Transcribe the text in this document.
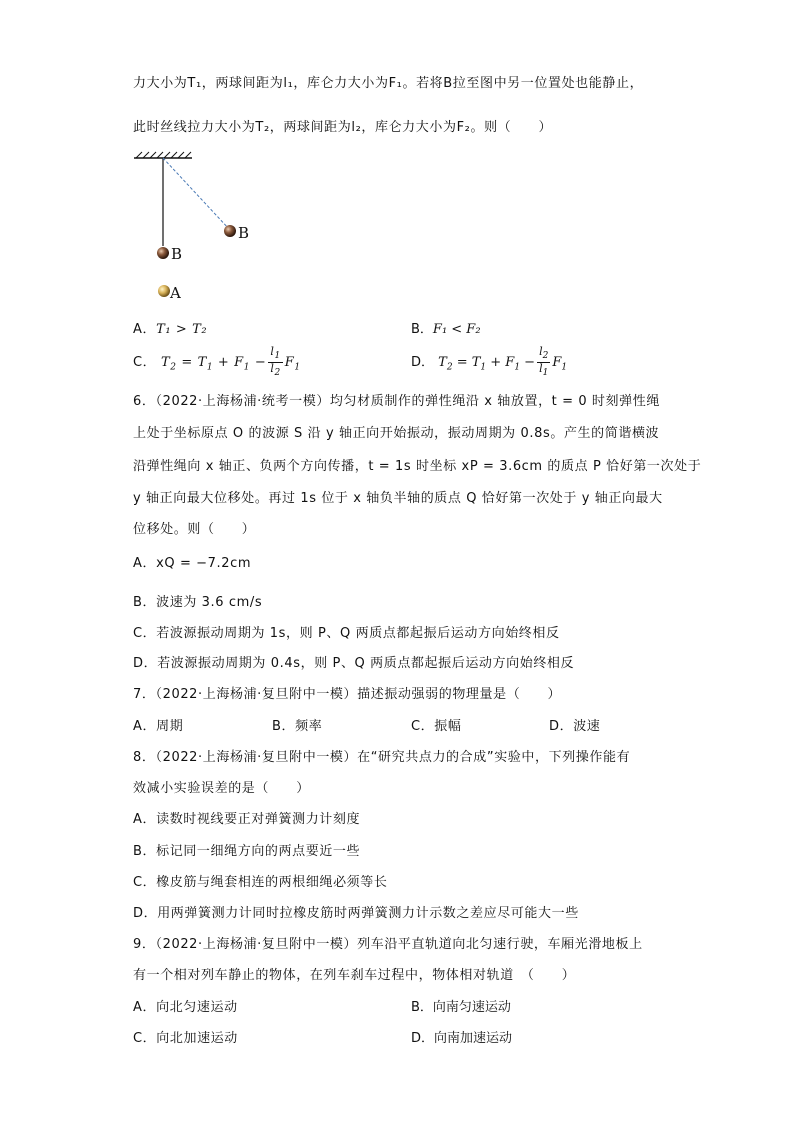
力大小为T₁，两球间距为l₁，库仑力大小为F₁。若将B拉至图中另一位置处也能静止，
此时丝线拉力大小为T₂，两球间距为l₂，库仑力大小为F₂。则（　　）
B
B
A
A．T₁ > T₂	B．F₁ < F₂
C． $T_2 = T_1 + F_1 - \frac{l_1}{l_2} F_1$	D． $T_2 = T_1 + F_1 - \frac{l_2}{l_1} F_1$
6．（2022·上海杨浦·统考一模）均匀材质制作的弹性绳沿 x 轴放置，t = 0 时刻弹性绳
上处于坐标原点 O 的波源 S 沿 y 轴正向开始振动，振动周期为 0.8s。产生的简谐横波
沿弹性绳向 x 轴正、负两个方向传播，t = 1s 时坐标 xP = 3.6cm 的质点 P 恰好第一次处于
y 轴正向最大位移处。再过 1s 位于 x 轴负半轴的质点 Q 恰好第一次处于 y 轴正向最大
位移处。则（　　）
A．xQ = −7.2cm
B．波速为 3.6 cm/s
C．若波源振动周期为 1s，则 P、Q 两质点都起振后运动方向始终相反
D．若波源振动周期为 0.4s，则 P、Q 两质点都起振后运动方向始终相反
7．（2022·上海杨浦·复旦附中一模）描述振动强弱的物理量是（　　）
A．周期	B．频率	C．振幅	D．波速
8．（2022·上海杨浦·复旦附中一模）在“研究共点力的合成”实验中，下列操作能有
效减小实验误差的是（　　）
A．读数时视线要正对弹簧测力计刻度
B．标记同一细绳方向的两点要近一些
C．橡皮筋与绳套相连的两根细绳必须等长
D．用两弹簧测力计同时拉橡皮筋时两弹簧测力计示数之差应尽可能大一些
9．（2022·上海杨浦·复旦附中一模）列车沿平直轨道向北匀速行驶，车厢光滑地板上
有一个相对列车静止的物体，在列车刹车过程中，物体相对轨道　（　　）
A．向北匀速运动	B．向南匀速运动
C．向北加速运动	D．向南加速运动
